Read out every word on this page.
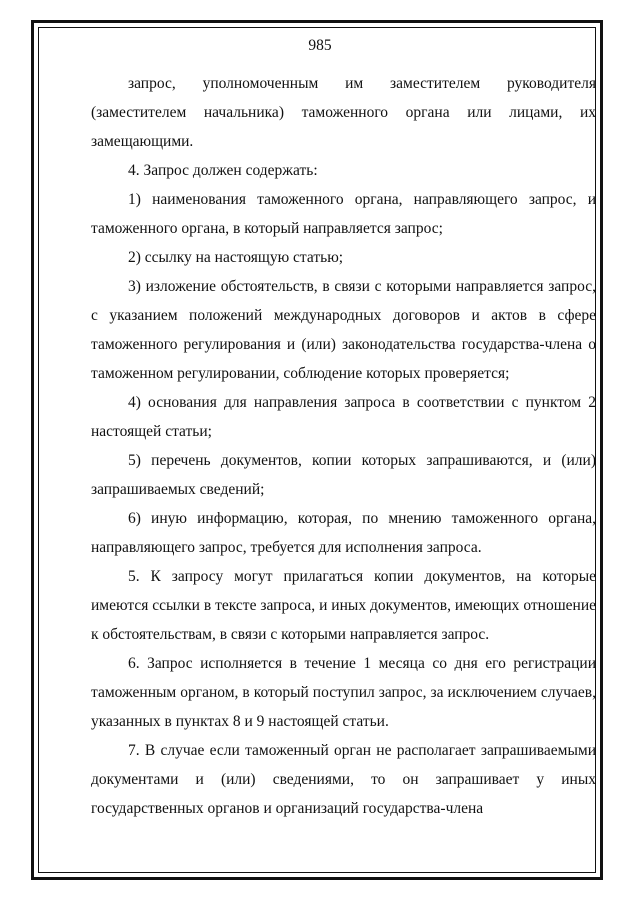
985

запрос, уполномоченным им заместителем руководителя (заместителем начальника) таможенного органа или лицами, их замещающими.

4. Запрос должен содержать:

1) наименования таможенного органа, направляющего запрос, и таможенного органа, в который направляется запрос;

2) ссылку на настоящую статью;

3) изложение обстоятельств, в связи с которыми направляется запрос, с указанием положений международных договоров и актов в сфере таможенного регулирования и (или) законодательства государства-члена о таможенном регулировании, соблюдение которых проверяется;

4) основания для направления запроса в соответствии с пунктом 2 настоящей статьи;

5) перечень документов, копии которых запрашиваются, и (или) запрашиваемых сведений;

6) иную информацию, которая, по мнению таможенного органа, направляющего запрос, требуется для исполнения запроса.

5. К запросу могут прилагаться копии документов, на которые имеются ссылки в тексте запроса, и иных документов, имеющих отношение к обстоятельствам, в связи с которыми направляется запрос.

6. Запрос исполняется в течение 1 месяца со дня его регистрации таможенным органом, в который поступил запрос, за исключением случаев, указанных в пунктах 8 и 9 настоящей статьи.

7. В случае если таможенный орган не располагает запрашиваемыми документами и (или) сведениями, то он запрашивает у иных государственных органов и организаций государства-члена
